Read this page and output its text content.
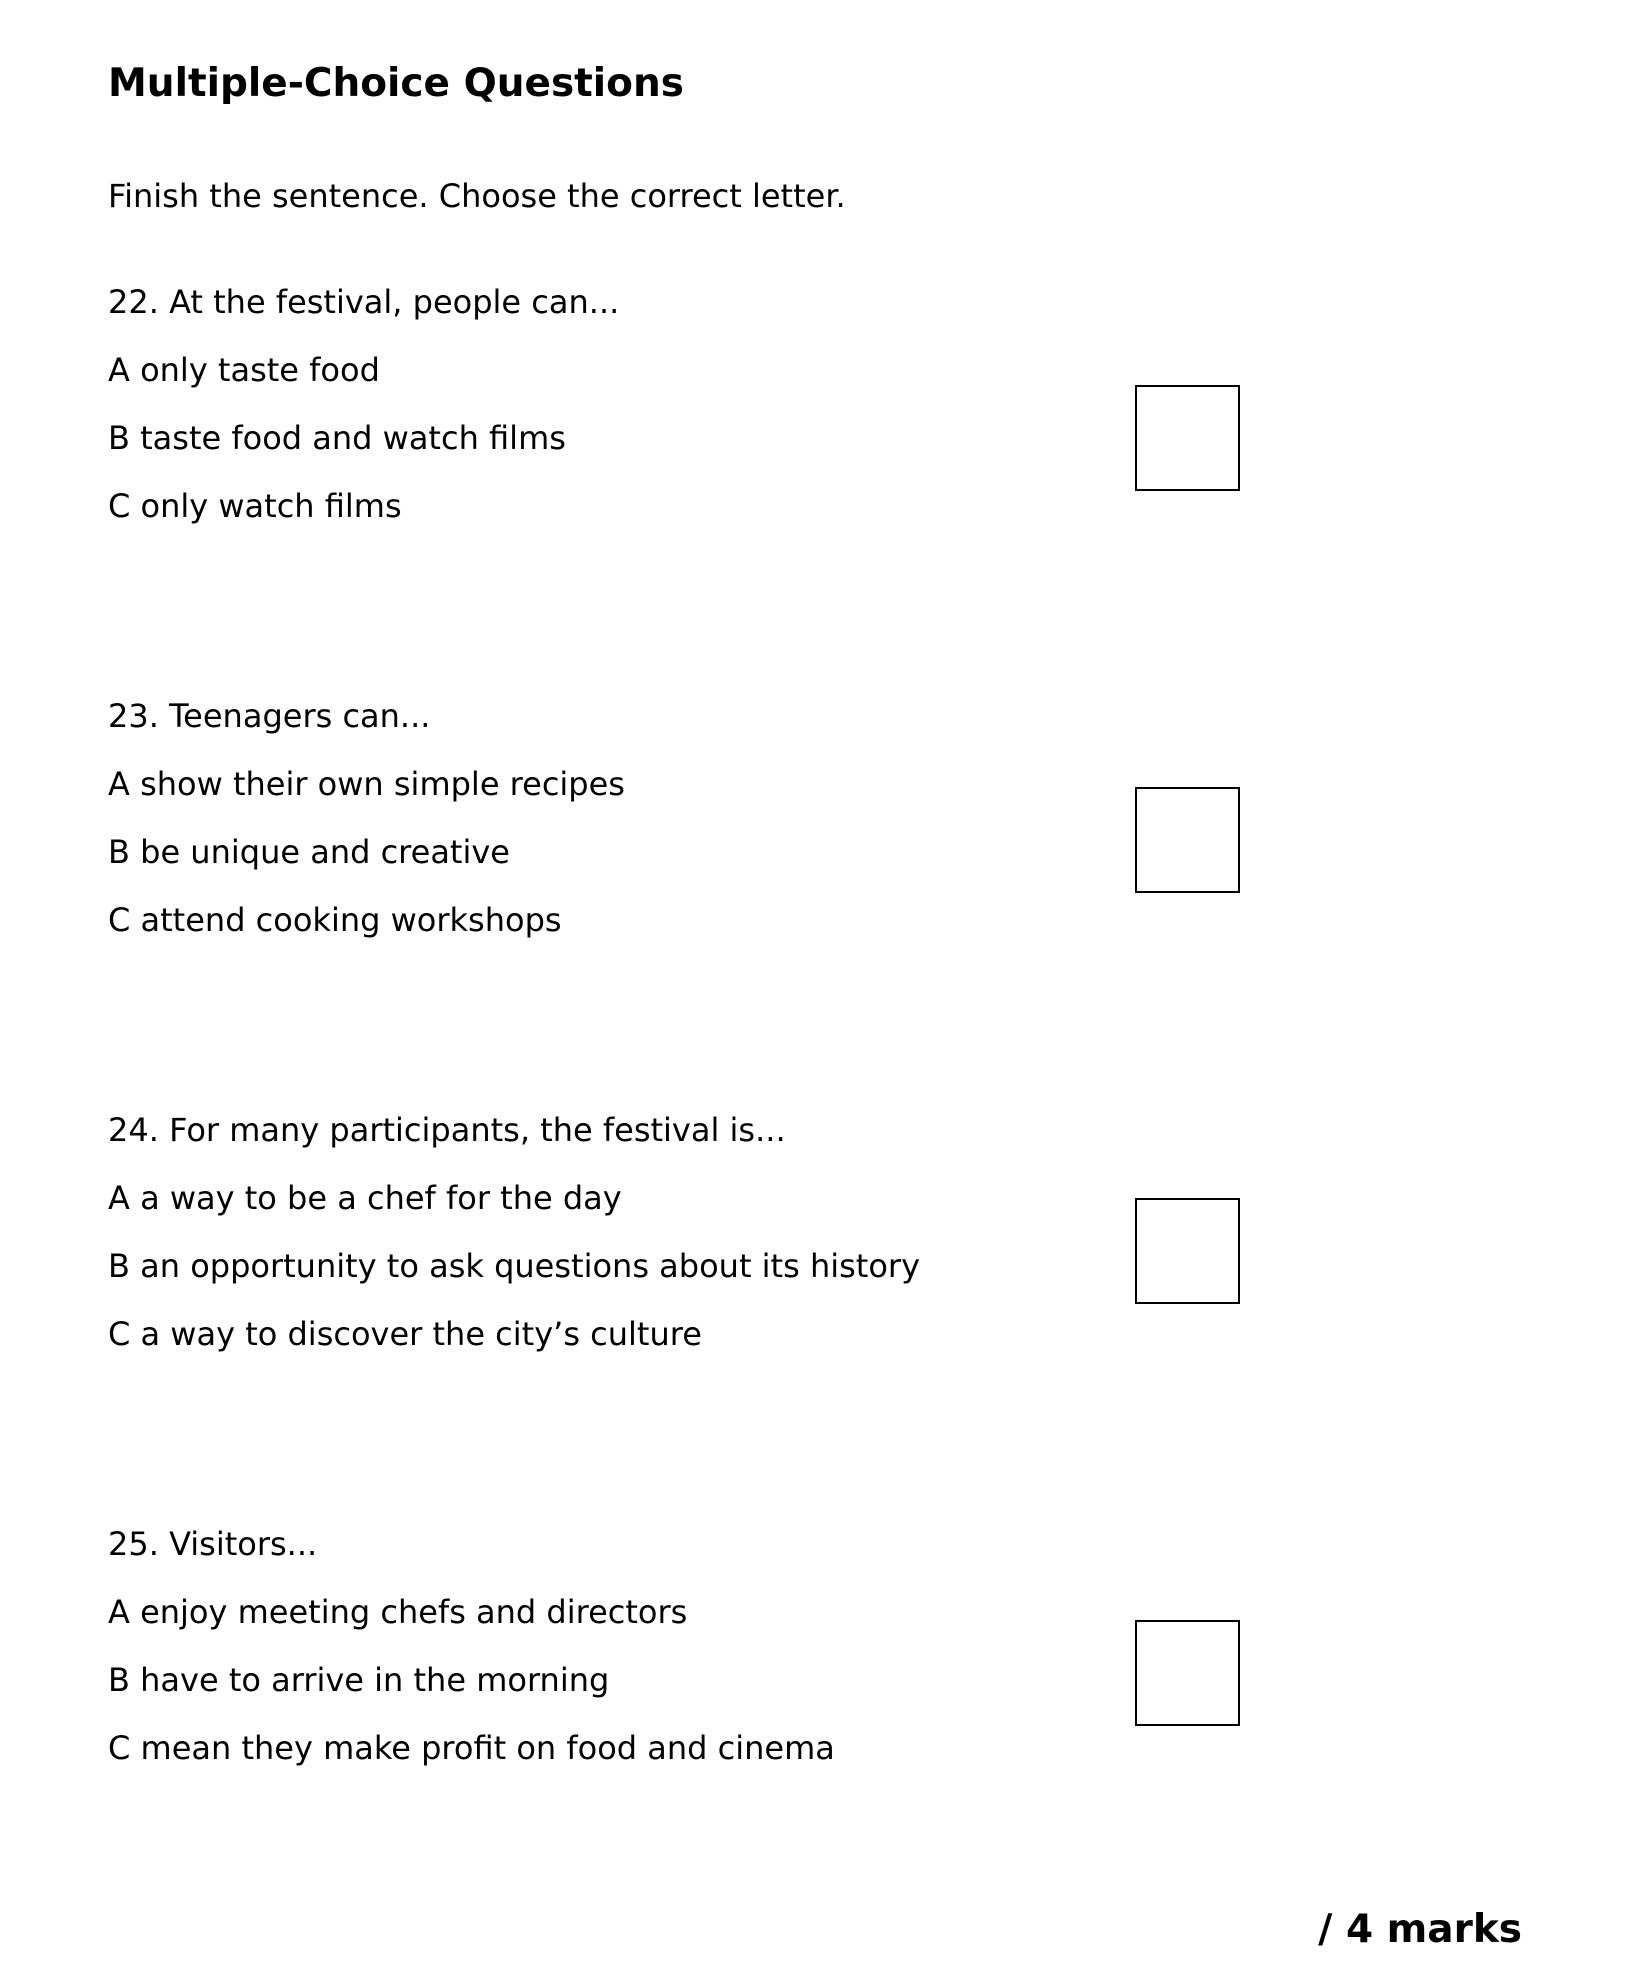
Multiple-Choice Questions
Finish the sentence. Choose the correct letter.
22. At the festival, people can...
A only taste food
B taste food and watch films
C only watch films
23. Teenagers can...
A show their own simple recipes
B be unique and creative
C attend cooking workshops
24. For many participants, the festival is...
A a way to be a chef for the day
B an opportunity to ask questions about its history
C a way to discover the city’s culture
25. Visitors...
A enjoy meeting chefs and directors
B have to arrive in the morning
C mean they make profit on food and cinema
/ 4 marks
